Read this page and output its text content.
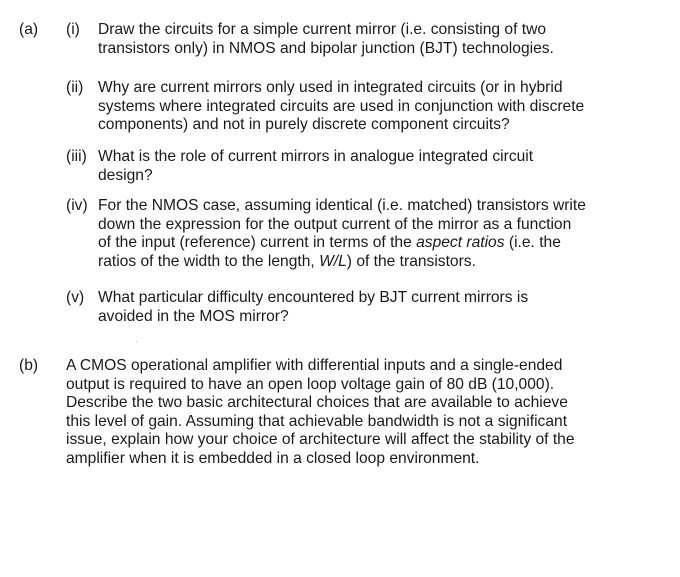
(a) (i) Draw the circuits for a simple current mirror (i.e. consisting of two
transistors only) in NMOS and bipolar junction (BJT) technologies.
(ii) Why are current mirrors only used in integrated circuits (or in hybrid
systems where integrated circuits are used in conjunction with discrete
components) and not in purely discrete component circuits?
(iii) What is the role of current mirrors in analogue integrated circuit
design?
(iv) For the NMOS case, assuming identical (i.e. matched) transistors write
down the expression for the output current of the mirror as a function
of the input (reference) current in terms of the aspect ratios (i.e. the
ratios of the width to the length, W/L) of the transistors.
(v) What particular difficulty encountered by BJT current mirrors is
avoided in the MOS mirror?
(b) A CMOS operational amplifier with differential inputs and a single-ended
output is required to have an open loop voltage gain of 80 dB (10,000).
Describe the two basic architectural choices that are available to achieve
this level of gain. Assuming that achievable bandwidth is not a significant
issue, explain how your choice of architecture will affect the stability of the
amplifier when it is embedded in a closed loop environment.
